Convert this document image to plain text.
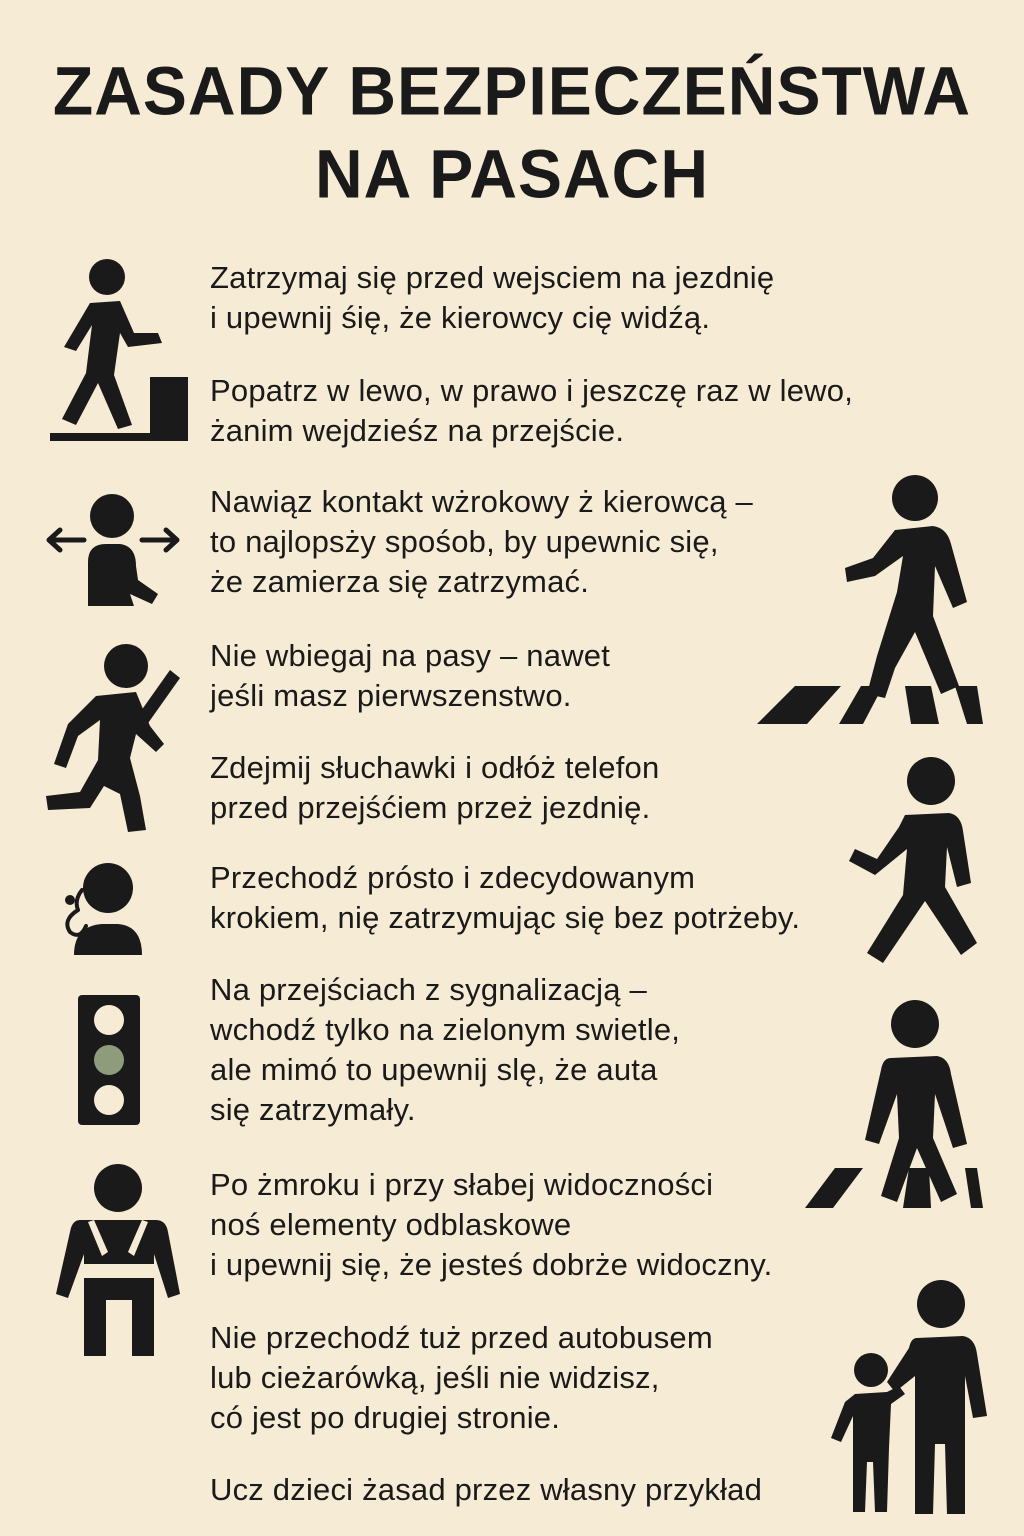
ZASADY BEZPIECZEŃSTWA
NA PASACH
Zatrzymaj się przed wejsciem na jezdnię
i upewnij śię, że kierowcy cię widźą.
Popatrz w lewo, w prawo i jeszczę raz w lewo,
żanim wejdzieśz na przejście.
Nawiąz kontakt wżrokowy ż kierowcą –
to najlopsży spośob, by upewnic się,
że zamierza się zatrzymać.
Nie wbiegaj na pasy – nawet
jeśli masz pierwszenstwo.
Zdejmij słuchawki i odłóż telefon
przed przejśćiem przeż jezdnię.
Przechodź prósto i zdecydowanym
krokiem, nię zatrzymując się bez potrżeby.
Na przejściach z sygnalizacją –
wchodź tylko na zielonym swietle,
ale mimó to upewnij slę, że auta
się zatrzymały.
Po żmroku i przy słabej widoczności
noś elementy odblaskowe
i upewnij się, że jesteś dobrże widoczny.
Nie przechodź tuż przed autobusem
lub cieżarówką, jeśli nie widzisz,
có jest po drugiej stronie.
Ucz dzieci żasad przez własny przykład
